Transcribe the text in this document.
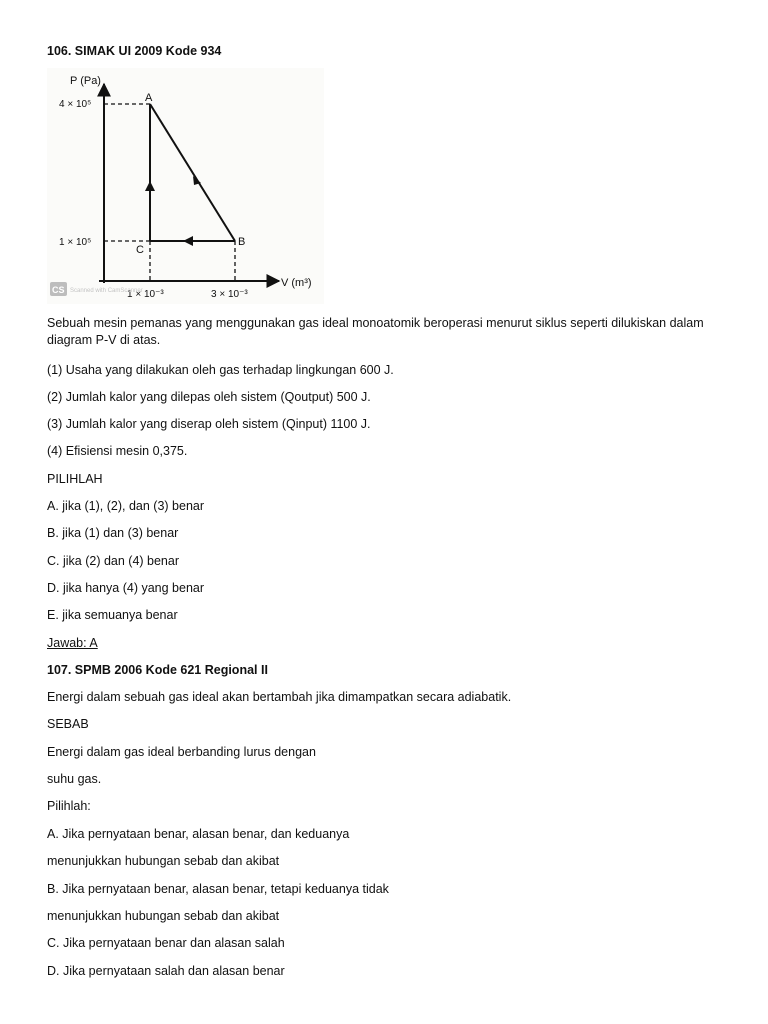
106. SIMAK UI 2009 Kode 934
P (Pa)
V (m³)
4 × 10⁵
1 × 10⁵
1 × 10⁻³	3 × 10⁻³
A
B
C
CS Scanned with CamScanner
Sebuah mesin pemanas yang menggunakan gas ideal monoatomik beroperasi menurut siklus seperti dilukiskan dalam diagram P-V di atas.
(1) Usaha yang dilakukan oleh gas terhadap lingkungan 600 J.
(2) Jumlah kalor yang dilepas oleh sistem (Qoutput) 500 J.
(3) Jumlah kalor yang diserap oleh sistem (Qinput) 1100 J.
(4) Efisiensi mesin 0,375.
PILIHLAH
A. jika (1), (2), dan (3) benar
B. jika (1) dan (3) benar
C. jika (2) dan (4) benar
D. jika hanya (4) yang benar
E. jika semuanya benar
Jawab: A
107. SPMB 2006 Kode 621 Regional II
Energi dalam sebuah gas ideal akan bertambah jika dimampatkan secara adiabatik.
SEBAB
Energi dalam gas ideal berbanding lurus dengan
suhu gas.
Pilihlah:
A. Jika pernyataan benar, alasan benar, dan keduanya
menunjukkan hubungan sebab dan akibat
B. Jika pernyataan benar, alasan benar, tetapi keduanya tidak
menunjukkan hubungan sebab dan akibat
C. Jika pernyataan benar dan alasan salah
D. Jika pernyataan salah dan alasan benar
